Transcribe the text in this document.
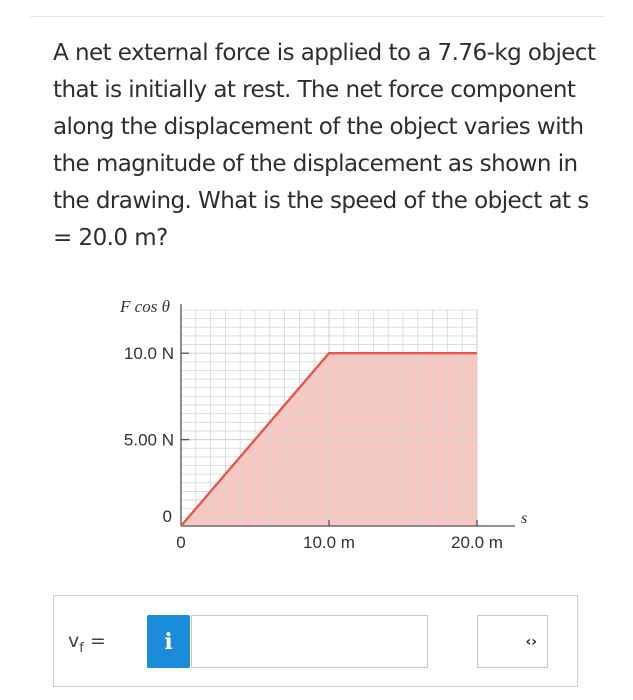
A net external force is applied to a 7.76-kg object that is initially at rest. The net force component along the displacement of the object varies with the magnitude of the displacement as shown in the drawing. What is the speed of the object at s = 20.0 m?
10.0 N
5.00 N
0	10.0 m	20.0 m
0
F cos θ
s
$v_f$ =	i	‹›
